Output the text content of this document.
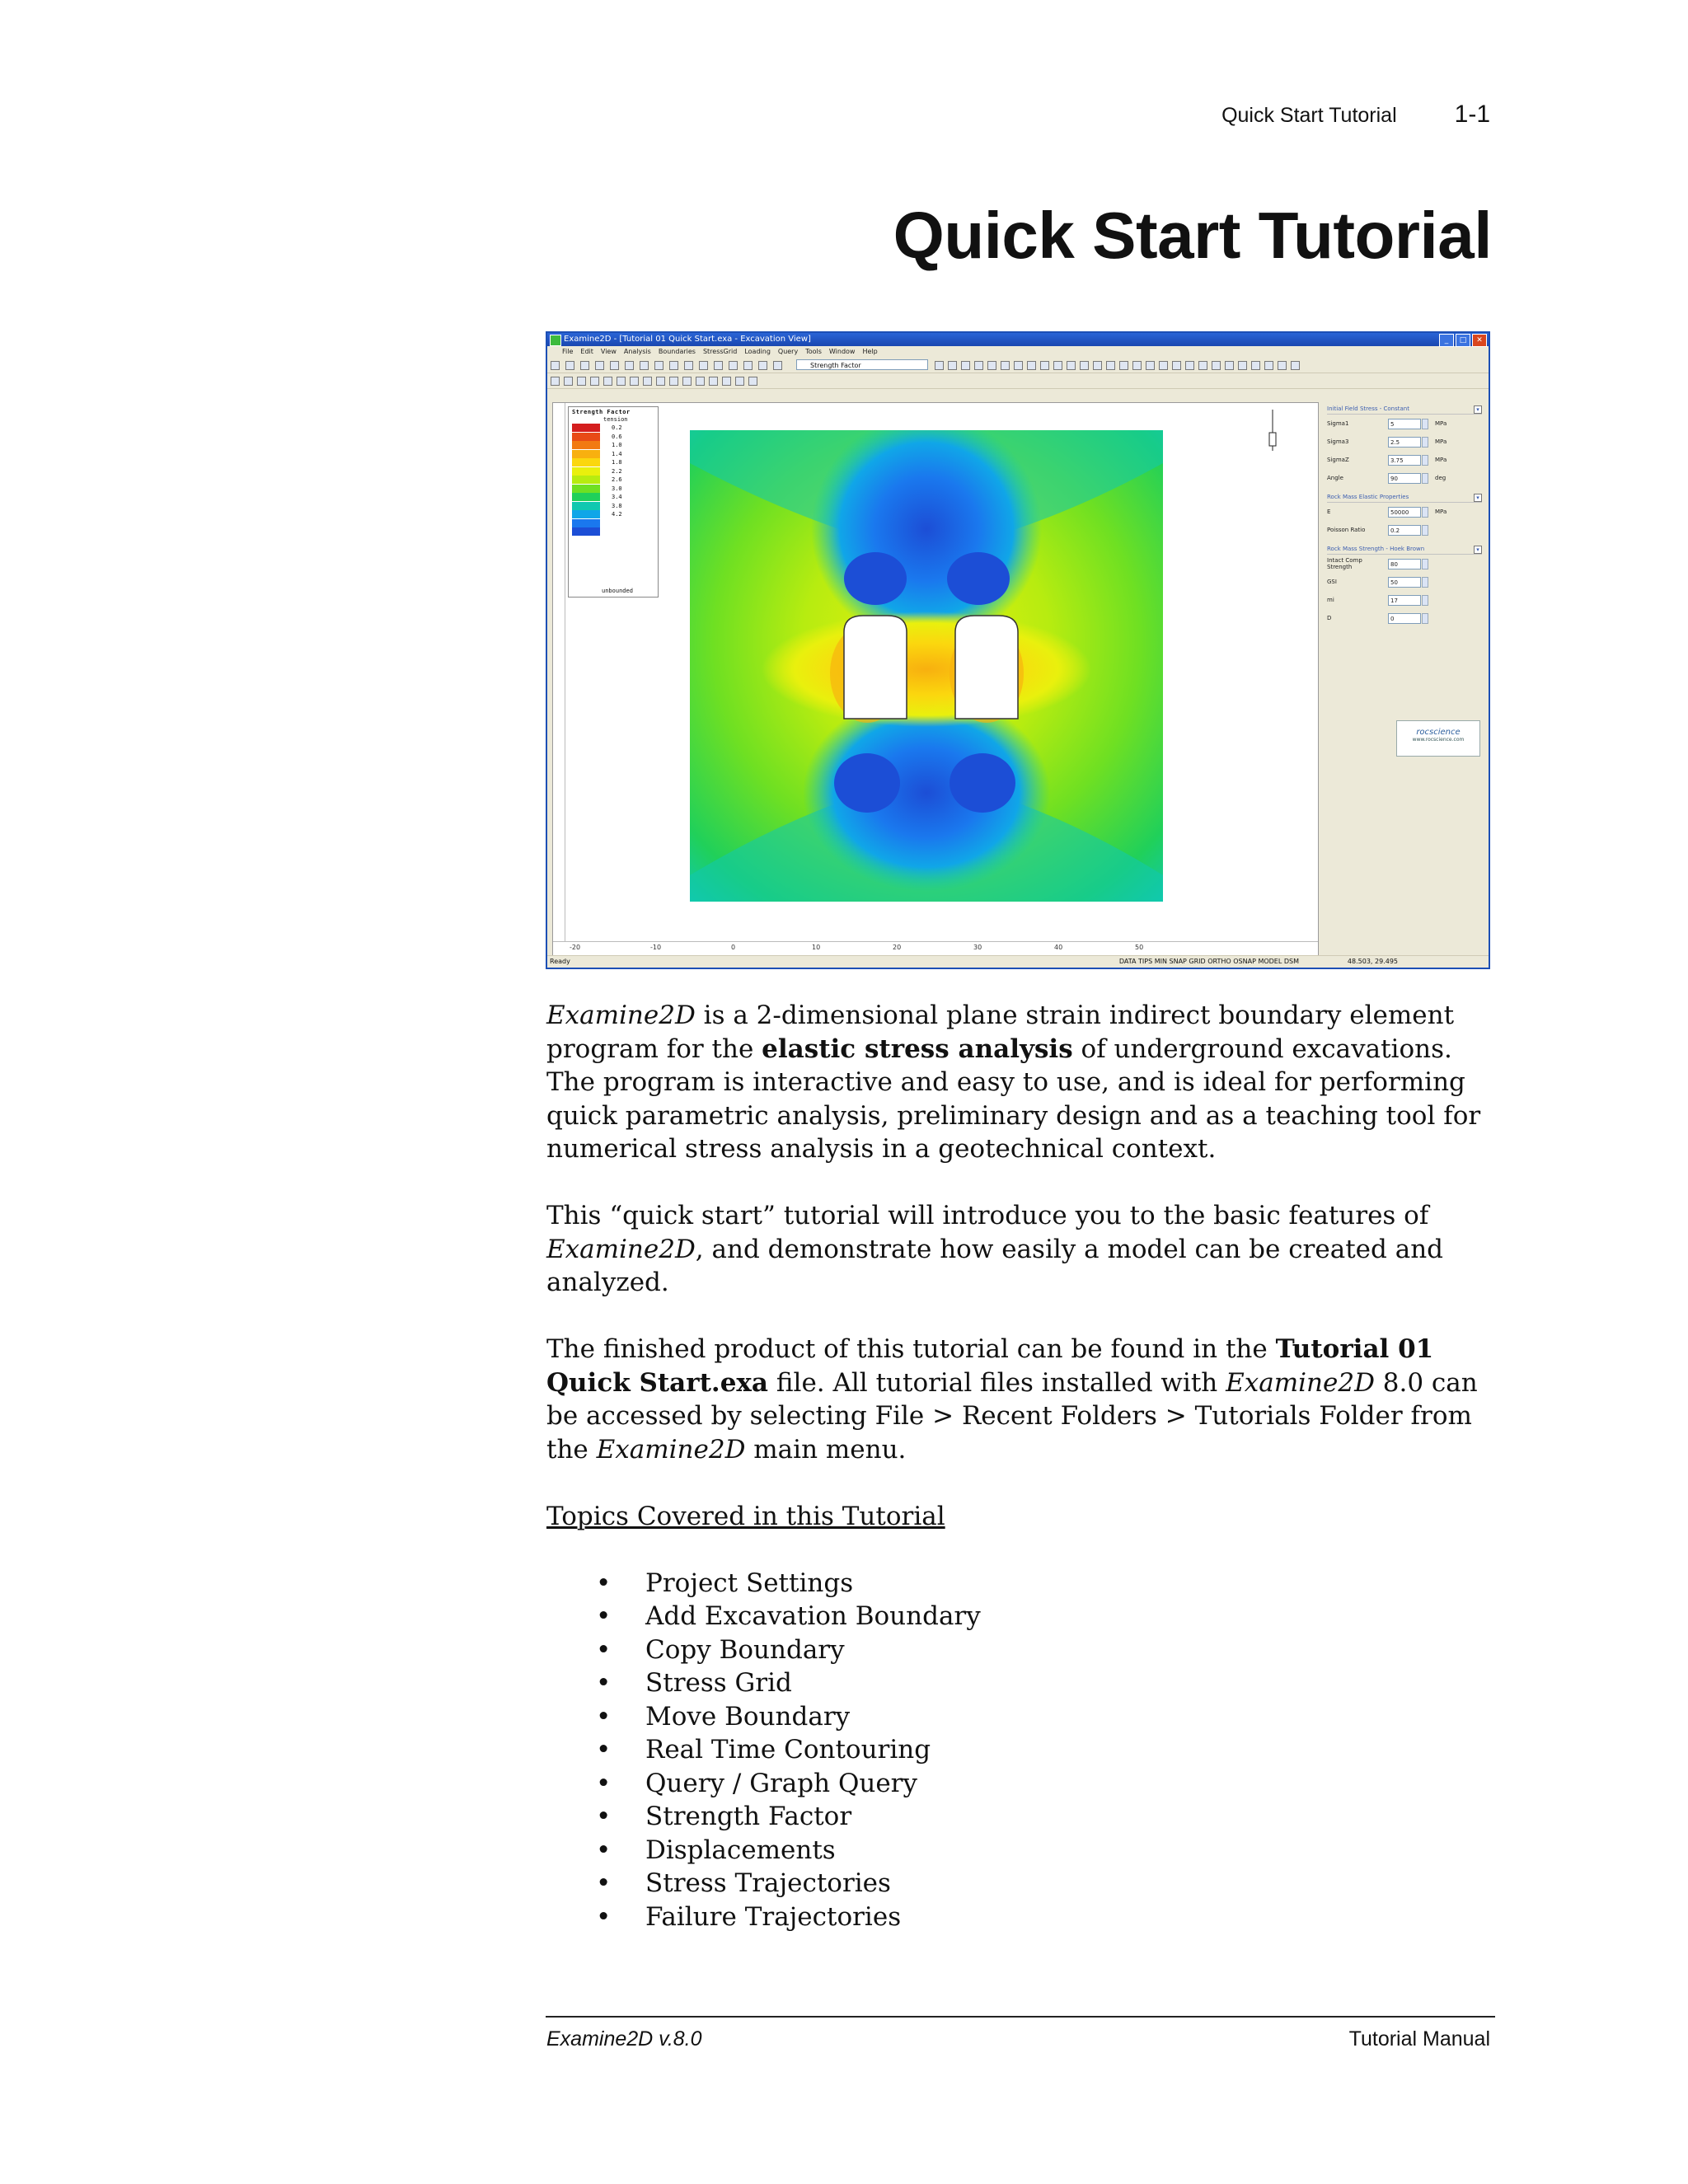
Quick Start Tutorial 1-1
Quick Start Tutorial
Examine2D - [Tutorial 01 Quick Start.exa - Excavation View]	_	□	✕
File Edit View Analysis Boundaries StressGrid Loading Query Tools Window Help
Strength Factor
Strength Factor
tension
0.2
0.6
1.0
1.4
1.8
2.2
2.6
3.0
3.4
3.8
4.2
unbounded
-20	-10	0	10	20	30	40	50
Initial Field Stress - Constant	▾
Sigma1	5	MPa
Sigma3	2.5	MPa
SigmaZ	3.75	MPa
Angle	90	deg
Rock Mass Elastic Properties	▾
E	50000	MPa
Poisson Ratio	0.2
Rock Mass Strength - Hoek Brown	▾
Intact Comp Strength	80
GSI	50
mi	17
D	0
rocscience
www.rocscience.com
Ready	DATA TIPS MIN SNAP GRID ORTHO OSNAP MODEL DSM	48.503, 29.495

Examine2D is a 2-dimensional plane strain indirect boundary element program for the elastic stress analysis of underground excavations. The program is interactive and easy to use, and is ideal for performing quick parametric analysis, preliminary design and as a teaching tool for numerical stress analysis in a geotechnical context.

This “quick start” tutorial will introduce you to the basic features of Examine2D, and demonstrate how easily a model can be created and analyzed.

The finished product of this tutorial can be found in the Tutorial 01 Quick Start.exa file. All tutorial files installed with Examine2D 8.0 can be accessed by selecting File > Recent Folders > Tutorials Folder from the Examine2D main menu.

Topics Covered in this Tutorial

• Project Settings
• Add Excavation Boundary
• Copy Boundary
• Stress Grid
• Move Boundary
• Real Time Contouring
• Query / Graph Query
• Strength Factor
• Displacements
• Stress Trajectories
• Failure Trajectories
Examine2D v.8.0	Tutorial Manual
